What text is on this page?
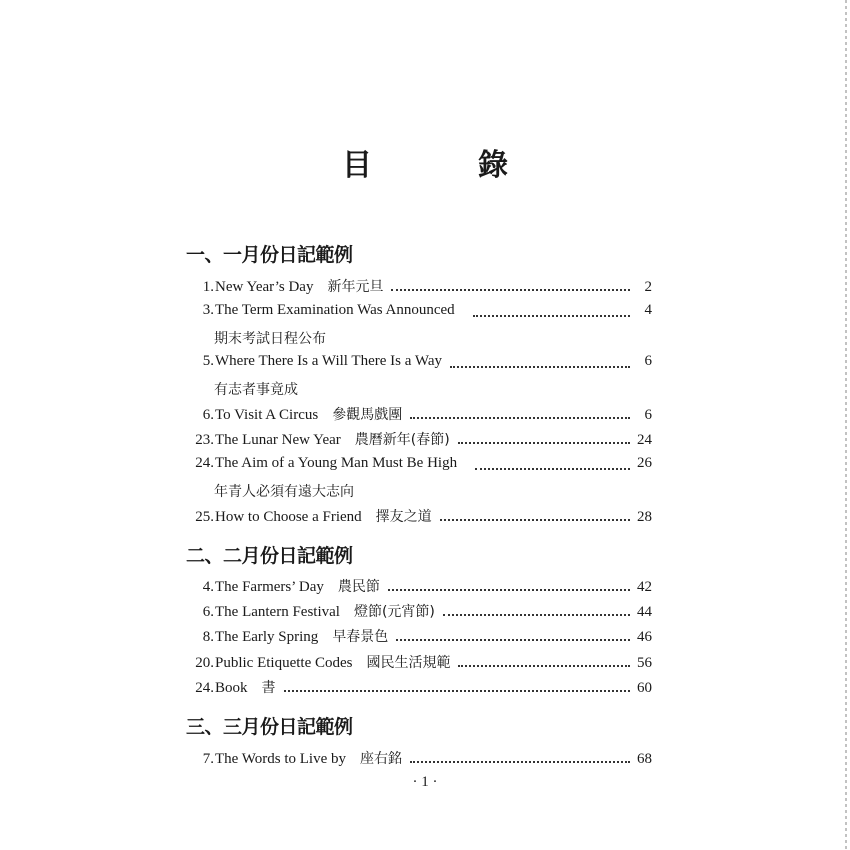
目　錄
一、一月份日記範例
1. New Year’s Day 新年元旦	2
3. The Term Examination Was Announced	4
期末考試日程公布
5. Where There Is a Will There Is a Way	6
有志者事竟成
6. To Visit A Circus 參觀馬戲團	6
23. The Lunar New Year 農曆新年(春節)	24
24. The Aim of a Young Man Must Be High	26
年青人必須有遠大志向
25. How to Choose a Friend 擇友之道	28
二、二月份日記範例
4. The Farmers’ Day 農民節	42
6. The Lantern Festival 燈節(元宵節)	44
8. The Early Spring 早春景色	46
20. Public Etiquette Codes 國民生活規範	56
24. Book 書	60
三、三月份日記範例
7. The Words to Live by 座右銘	68
· 1 ·
